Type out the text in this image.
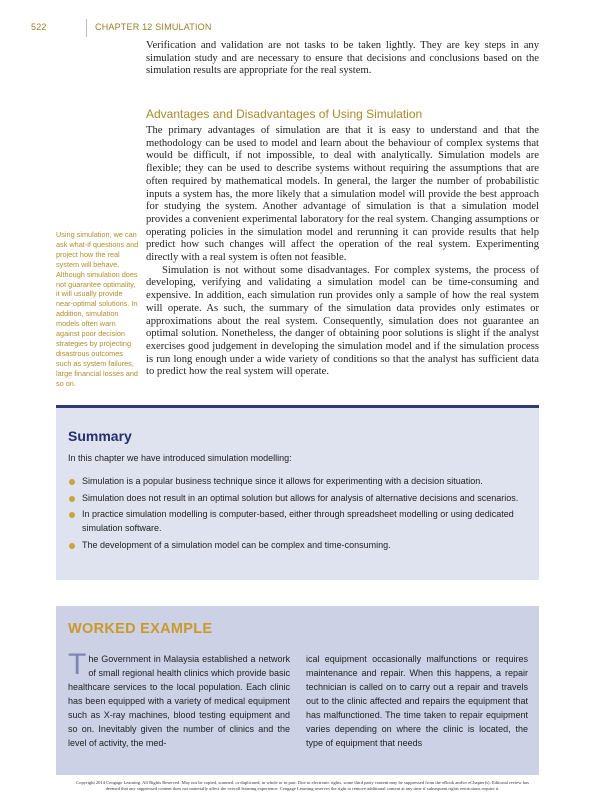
522	CHAPTER 12 SIMULATION

Verification and validation are not tasks to be taken lightly. They are key steps in any simulation study and are necessary to ensure that decisions and conclusions based on the simulation results are appropriate for the real system.

Advantages and Disadvantages of Using Simulation

The primary advantages of simulation are that it is easy to understand and that the methodology can be used to model and learn about the behaviour of complex systems that would be difficult, if not impossible, to deal with analytically. Simulation models are flexible; they can be used to describe systems without requiring the assumptions that are often required by mathematical models. In general, the larger the number of probabilistic inputs a system has, the more likely that a simulation model will provide the best approach for studying the system. Another advantage of simulation is that a simulation model provides a convenient experimental laboratory for the real system. Changing assumptions or operating policies in the simulation model and rerunning it can provide results that help predict how such changes will affect the operation of the real system. Experimenting directly with a real system is often not feasible.

Simulation is not without some disadvantages. For complex systems, the process of developing, verifying and validating a simulation model can be time-consuming and expensive. In addition, each simulation run provides only a sample of how the real system will operate. As such, the summary of the simulation data provides only estimates or approximations about the real system. Consequently, simulation does not guarantee an optimal solution. Nonetheless, the danger of obtaining poor solutions is slight if the analyst exercises good judgement in developing the simulation model and if the simulation process is run long enough under a wide variety of conditions so that the analyst has sufficient data to predict how the real system will operate.

Using simulation, we can ask what-if questions and project how the real system will behave. Although simulation does not guarantee optimality, it will usually provide near-optimal solutions. In addition, simulation models often warn against poor decision strategies by projecting disastrous outcomes such as system failures, large financial losses and so on.
Summary
In this chapter we have introduced simulation modelling:
Simulation is a popular business technique since it allows for experimenting with a decision situation.
Simulation does not result in an optimal solution but allows for analysis of alternative decisions and scenarios.
In practice simulation modelling is computer-based, either through spreadsheet modelling or using dedicated simulation software.
The development of a simulation model can be complex and time-consuming.
WORKED EXAMPLE
The Government in Malaysia established a network of small regional health clinics which provide basic healthcare services to the local population. Each clinic has been equipped with a variety of medical equipment such as X-ray machines, blood testing equipment and so on. Inevitably given the number of clinics and the level of activity, the med-
ical equipment occasionally malfunctions or requires maintenance and repair. When this happens, a repair technician is called on to carry out a repair and travels out to the clinic affected and repairs the equipment that has malfunctioned. The time taken to repair equipment varies depending on where the clinic is located, the type of equipment that needs
Copyright 2014 Cengage Learning. All Rights Reserved. May not be copied, scanned, or duplicated, in whole or in part. Due to electronic rights, some third party content may be suppressed from the eBook and/or eChapter(s). Editorial review has
deemed that any suppressed content does not materially affect the overall learning experience. Cengage Learning reserves the right to remove additional content at any time if subsequent rights restrictions require it.
